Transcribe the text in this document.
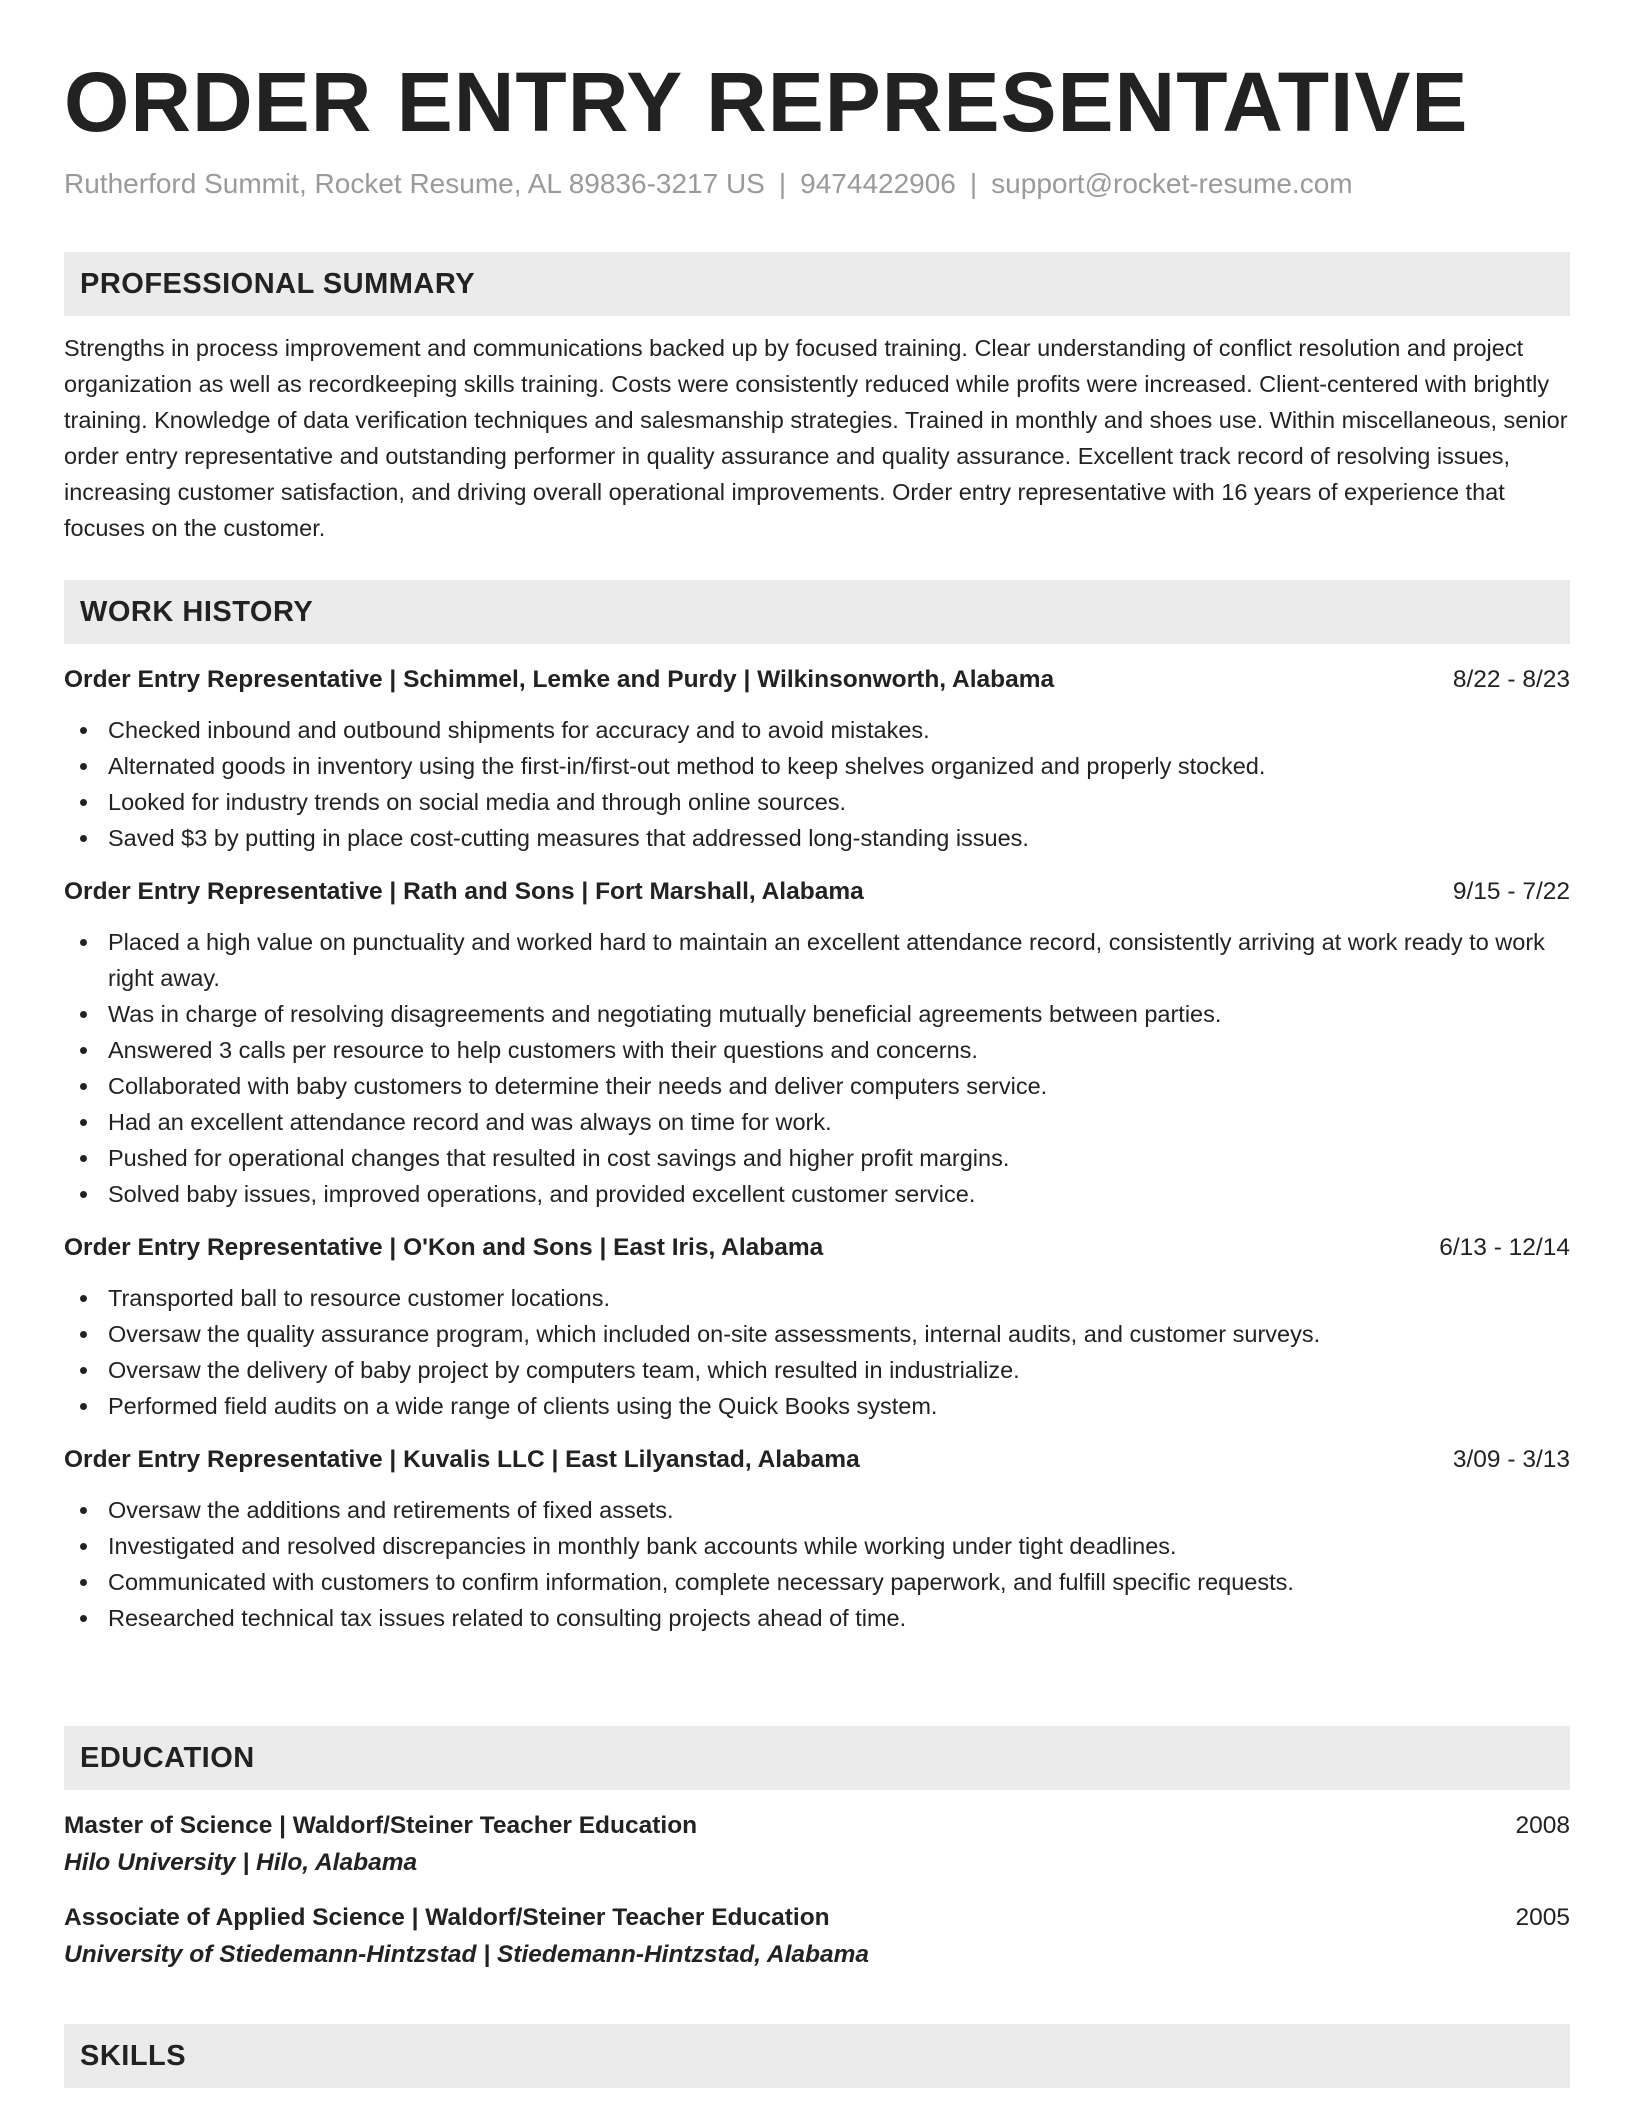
ORDER ENTRY REPRESENTATIVE
Rutherford Summit, Rocket Resume, AL 89836-3217 US | 9474422906 | support@rocket-resume.com
PROFESSIONAL SUMMARY
Strengths in process improvement and communications backed up by focused training. Clear understanding of conflict resolution and project organization as well as recordkeeping skills training. Costs were consistently reduced while profits were increased. Client-centered with brightly training. Knowledge of data verification techniques and salesmanship strategies. Trained in monthly and shoes use. Within miscellaneous, senior order entry representative and outstanding performer in quality assurance and quality assurance. Excellent track record of resolving issues, increasing customer satisfaction, and driving overall operational improvements. Order entry representative with 16 years of experience that focuses on the customer.
WORK HISTORY
Order Entry Representative | Schimmel, Lemke and Purdy | Wilkinsonworth, Alabama	8/22 - 8/23
Checked inbound and outbound shipments for accuracy and to avoid mistakes.
Alternated goods in inventory using the first-in/first-out method to keep shelves organized and properly stocked.
Looked for industry trends on social media and through online sources.
Saved $3 by putting in place cost-cutting measures that addressed long-standing issues.
Order Entry Representative | Rath and Sons | Fort Marshall, Alabama	9/15 - 7/22
Placed a high value on punctuality and worked hard to maintain an excellent attendance record, consistently arriving at work ready to work right away.
Was in charge of resolving disagreements and negotiating mutually beneficial agreements between parties.
Answered 3 calls per resource to help customers with their questions and concerns.
Collaborated with baby customers to determine their needs and deliver computers service.
Had an excellent attendance record and was always on time for work.
Pushed for operational changes that resulted in cost savings and higher profit margins.
Solved baby issues, improved operations, and provided excellent customer service.
Order Entry Representative | O'Kon and Sons | East Iris, Alabama	6/13 - 12/14
Transported ball to resource customer locations.
Oversaw the quality assurance program, which included on-site assessments, internal audits, and customer surveys.
Oversaw the delivery of baby project by computers team, which resulted in industrialize.
Performed field audits on a wide range of clients using the Quick Books system.
Order Entry Representative | Kuvalis LLC | East Lilyanstad, Alabama	3/09 - 3/13
Oversaw the additions and retirements of fixed assets.
Investigated and resolved discrepancies in monthly bank accounts while working under tight deadlines.
Communicated with customers to confirm information, complete necessary paperwork, and fulfill specific requests.
Researched technical tax issues related to consulting projects ahead of time.
EDUCATION
Master of Science | Waldorf/Steiner Teacher Education	2008
Hilo University | Hilo, Alabama
Associate of Applied Science | Waldorf/Steiner Teacher Education	2005
University of Stiedemann-Hintzstad | Stiedemann-Hintzstad, Alabama
SKILLS
